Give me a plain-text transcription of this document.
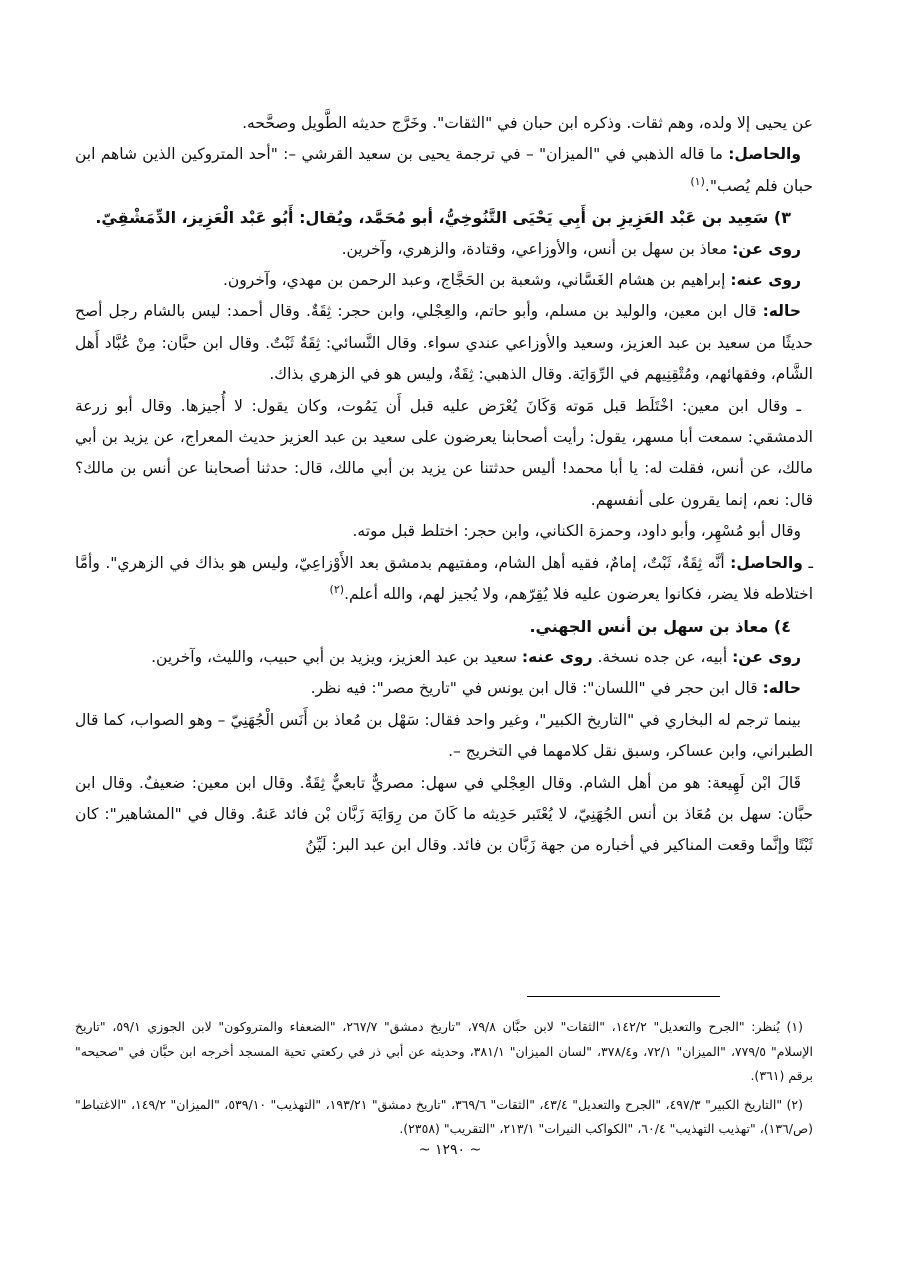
عن يحيى إلا ولده، وهم ثقات. وذكره ابن حبان في "الثقات". وخَرَّج حديثه الطَّويل وصحَّحه.

والحاصل: ما قاله الذهبي في "الميزان" – في ترجمة يحيى بن سعيد القرشي –: "أحد المتروكين الذين شاهم ابن حبان فلم يُصب".$^{(١)}$

٣) سَعِيد بن عَبْد العَزِيزِ بن أَبِي يَحْيَى التَّنُوخِيُّ، أبو مُحَمَّد، ويُقال: أَبُو عَبْد الْعَزِيز، الدِّمَشْقِيّ.

روى عن: معاذ بن سهل بن أنس، والأوزاعي، وقتادة، والزهري، وآخرين.

روى عنه: إبراهيم بن هشام الغَسَّاني، وشعبة بن الحَجَّاج، وعبد الرحمن بن مهدي، وآخرون.

حاله: قال ابن معين، والوليد بن مسلم، وأبو حاتم، والعِجْلي، وابن حجر: ثِقَةٌ. وقال أحمد: ليس بالشام رجل أصح حديثًا من سعيد بن عبد العزيز، وسعيد والأوزاعي عندي سواء. وقال النَّسائي: ثِقَةٌ ثَبْتٌ. وقال ابن حبَّان: مِنْ عُبَّاد أَهل الشَّام، وفقهائهم، ومُتْقِنِيهم في الرِّوَايَة. وقال الذهبي: ثِقَةٌ، وليس هو في الزهري بذاك.

ـ وقال ابن معين: اخْتَلَط قبل مَوته وَكَانَ يُعْرَض عليه قبل أَن يَمُوت، وكان يقول: لا أُجيزها. وقال أبو زرعة الدمشقي: سمعت أبا مسهر، يقول: رأيت أصحابنا يعرضون على سعيد بن عبد العزيز حديث المعراج، عن يزيد بن أبي مالك، عن أنس، فقلت له: يا أبا محمد! أليس حدثتنا عن يزيد بن أبي مالك، قال: حدثنا أصحابنا عن أنس بن مالك؟ قال: نعم، إنما يقرون على أنفسهم.

وقال أبو مُسْهِر، وأبو داود، وحمزة الكناني، وابن حجر: اختلط قبل موته.

ـ والحاصل: أنَّه ثِقَةٌ، ثَبْتٌ، إمامٌ، فقيه أهل الشام، ومفتيهم بدمشق بعد الأَوْزاعِيّ، وليس هو بذاك في الزهري". وأمَّا اختلاطه فلا يضر، فكانوا يعرضون عليه فلا يُقِرّهم، ولا يُجيز لهم، والله أعلم.$^{(٢)}$

٤) معاذ بن سهل بن أنس الجهني.

روى عن: أبيه، عن جده نسخة. روى عنه: سعيد بن عبد العزيز، ويزيد بن أبي حبيب، والليث، وآخرين.

حاله: قال ابن حجر في "اللسان": قال ابن يونس في "تاريخ مصر": فيه نظر.

بينما ترجم له البخاري في "التاريخ الكبير"، وغير واحد فقال: سَهْل بن مُعاذ بن أَنَس الْجُهَنِيّ – وهو الصواب، كما قال الطبراني، وابن عساكر، وسبق نقل كلامهما في التخريج –.

قَالَ ابْن لَهِيعة: هو من أهل الشام. وقال العِجْلي في سهل: مصريٌّ تابعيٌّ ثِقَةٌ. وقال ابن معين: ضعيفٌ. وقال ابن حبَّان: سهل بن مُعَاذ بن أنس الجُهَنِيّ، لا يُعْتَبر حَدِيثه ما كَانَ من رِوَايَة زَبَّان بْن فائد عَنهُ. وقال في "المشاهير": كان ثَبْتًا وإنَّما وقعت المناكير في أخباره من جهة زَبَّان بن فائد. وقال ابن عبد البر: لَيِّنُ

(١) يُنظر: "الجرح والتعديل" ١٤٢/٢، "الثقات" لابن حبَّان ٧٩/٨، "تاريخ دمشق" ٢٦٧/٧، "الضعفاء والمتروكون" لابن الجوزي ٥٩/١، "تاريخ الإسلام" ٧٧٩/٥، "الميزان" ٧٢/١، و٣٧٨/٤، "لسان الميزان" ٣٨١/١، وحديثه عن أبي ذر في ركعتي تحية المسجد أخرجه ابن حبَّان في "صحيحه" برقم (٣٦١).

(٢) "التاريخ الكبير" ٤٩٧/٣، "الجرح والتعديل" ٤٣/٤، "الثقات" ٣٦٩/٦، "تاريخ دمشق" ١٩٣/٢١، "التهذيب" ٥٣٩/١٠، "الميزان" ١٤٩/٢، "الاغتباط" (ص/١٣٦)، "تهذيب التهذيب" ٦٠/٤، "الكواكب النيرات" ٢١٣/١، "التقريب" (٢٣٥٨).

~ ١٢٩٠ ~
